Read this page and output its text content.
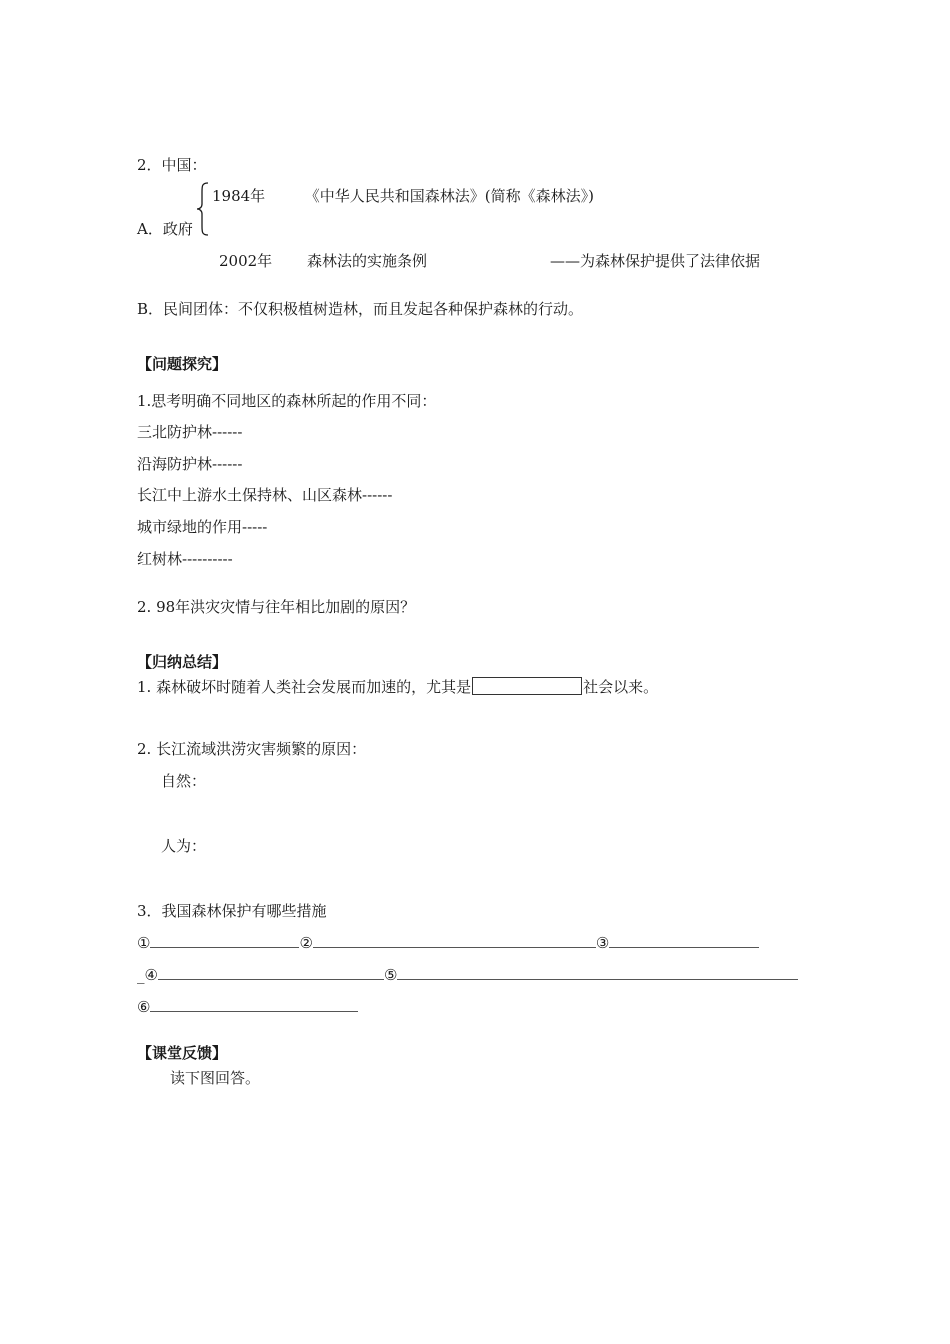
2．中国：
1984年	《中华人民共和国森林法》(简称《森林法》)
A．政府
2002年 森林法的实施条例	——为森林保护提供了法律依据
B．民间团体：不仅积极植树造林，而且发起各种保护森林的行动。
【问题探究】
1.思考明确不同地区的森林所起的作用不同：
三北防护林------
沿海防护林------
长江中上游水土保持林、山区森林------
城市绿地的作用-----
红树林----------
2. 98年洪灾灾情与往年相比加剧的原因？
【归纳总结】
1. 森林破坏时随着人类社会发展而加速的，尤其是	社会以来。
2. 长江流域洪涝灾害频繁的原因：
自然：
人为：
3．我国森林保护有哪些措施
①	②	③
_④	⑤
⑥
【课堂反馈】
读下图回答。
